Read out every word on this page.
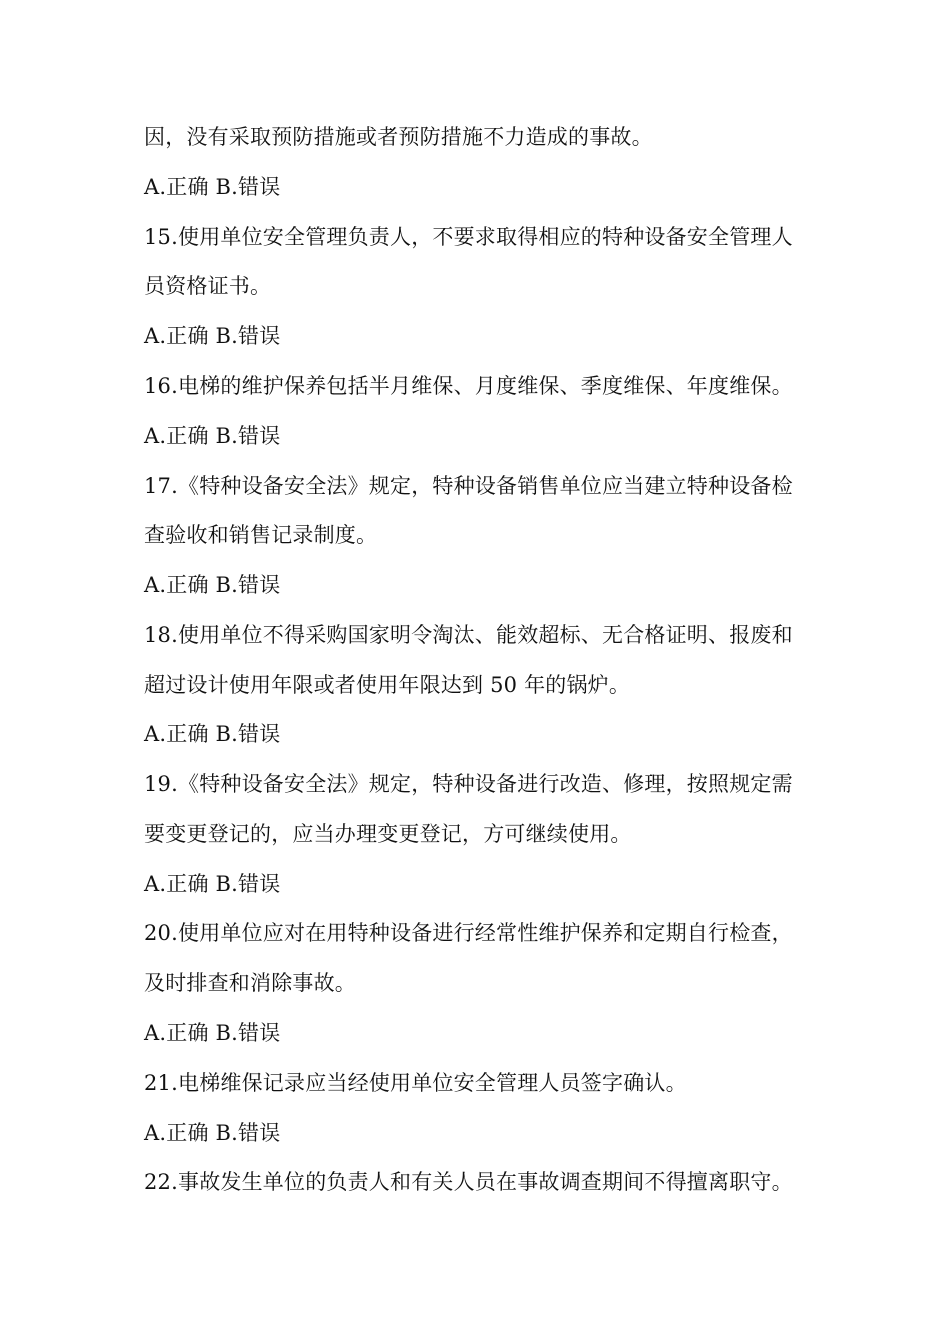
因，没有采取预防措施或者预防措施不力造成的事故。
A.正确 B.错误
15.使用单位安全管理负责人，不要求取得相应的特种设备安全管理人
员资格证书。
A.正确 B.错误
16.电梯的维护保养包括半月维保、月度维保、季度维保、年度维保。
A.正确 B.错误
17.《特种设备安全法》规定，特种设备销售单位应当建立特种设备检
查验收和销售记录制度。
A.正确 B.错误
18.使用单位不得采购国家明令淘汰、能效超标、无合格证明、报废和
超过设计使用年限或者使用年限达到 50 年的锅炉。
A.正确 B.错误
19.《特种设备安全法》规定，特种设备进行改造、修理，按照规定需
要变更登记的，应当办理变更登记，方可继续使用。
A.正确 B.错误
20.使用单位应对在用特种设备进行经常性维护保养和定期自行检查，
及时排查和消除事故。
A.正确 B.错误
21.电梯维保记录应当经使用单位安全管理人员签字确认。
A.正确 B.错误
22.事故发生单位的负责人和有关人员在事故调查期间不得擅离职守。
